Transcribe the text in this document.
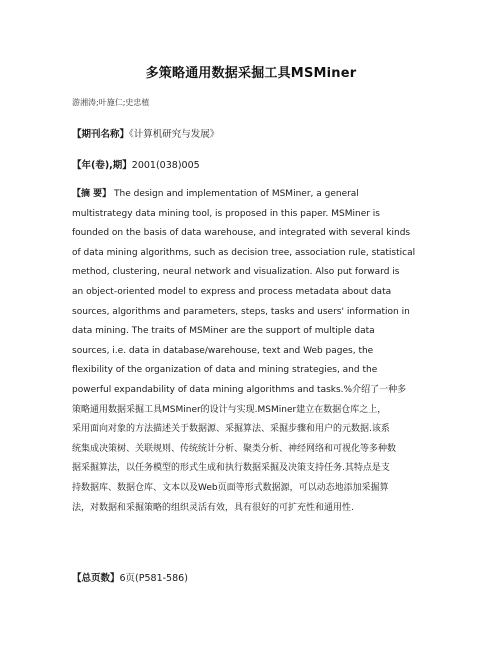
多策略通用数据采掘工具MSMiner
游湘涛;叶施仁;史忠植
【期刊名称】《计算机研究与发展》
【年(卷),期】2001(038)005
【摘 要】 The design and implementation of MSMiner, a general
multistrategy data mining tool, is proposed in this paper. MSMiner is
founded on the basis of data warehouse, and integrated with several kinds
of data mining algorithms, such as decision tree, association rule, statistical
method, clustering, neural network and visualization. Also put forward is
an object-oriented model to express and process metadata about data
sources, algorithms and parameters, steps, tasks and users' information in
data mining. The traits of MSMiner are the support of multiple data
sources, i.e. data in database/warehouse, text and Web pages, the
flexibility of the organization of data and mining strategies, and the
powerful expandability of data mining algorithms and tasks.%介绍了一种多
策略通用数据采掘工具MSMiner的设计与实现.MSMiner建立在数据仓库之上，
采用面向对象的方法描述关于数据源、采掘算法、采掘步骤和用户的元数据.该系
统集成决策树、关联规则、传统统计分析、聚类分析、神经网络和可视化等多种数
据采掘算法，以任务模型的形式生成和执行数据采掘及决策支持任务.其特点是支
持数据库、数据仓库、文本以及Web页面等形式数据源，可以动态地添加采掘算
法，对数据和采掘策略的组织灵活有效，具有很好的可扩充性和通用性.
【总页数】6页(P581-586)
